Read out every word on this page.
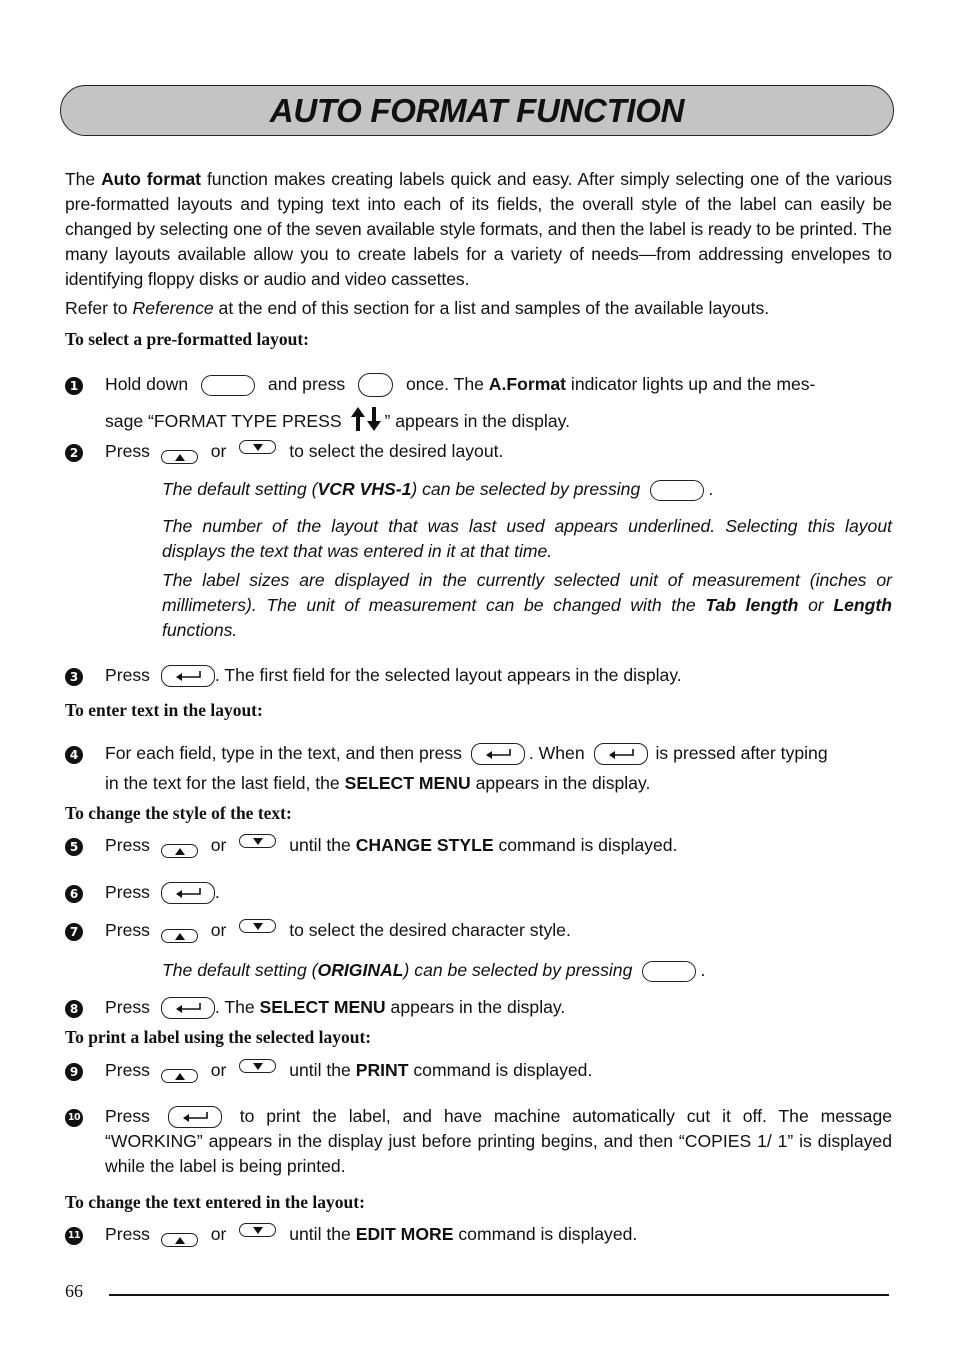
AUTO FORMAT FUNCTION
The Auto format function makes creating labels quick and easy. After simply selecting one of the various pre-formatted layouts and typing text into each of its fields, the overall style of the label can easily be changed by selecting one of the seven available style formats, and then the label is ready to be printed. The many layouts available allow you to create labels for a variety of needs—from addressing envelopes to identifying floppy disks or audio and video cassettes.
Refer to Reference at the end of this section for a list and samples of the available layouts.
To select a pre-formatted layout:
1 Hold down	and press	once. The A.Format indicator lights up and the mes-
sage “FORMAT TYPE PRESS ” appears in the display.
2 Press	or	to select the desired layout.
The default setting (VCR VHS-1) can be selected by pressing	.
The number of the layout that was last used appears underlined. Selecting this layout displays the text that was entered in it at that time.
The label sizes are displayed in the currently selected unit of measurement (inches or millimeters). The unit of measurement can be changed with the Tab length or Length functions.
3 Press	. The first field for the selected layout appears in the display.
To enter text in the layout:
4 For each field, type in the text, and then press	. When	is pressed after typing
in the text for the last field, the SELECT MENU appears in the display.
To change the style of the text:
5 Press	or	until the CHANGE STYLE command is displayed.
6 Press	.
7 Press	or	to select the desired character style.
The default setting (ORIGINAL) can be selected by pressing	.
8 Press	. The SELECT MENU appears in the display.
To print a label using the selected layout:
9 Press	or	until the PRINT command is displayed.
10 Press	to print the label, and have machine automatically cut it off. The message “WORKING” appears in the display just before printing begins, and then “COPIES 1/ 1” is displayed while the label is being printed.
To change the text entered in the layout:
11 Press	or	until the EDIT MORE command is displayed.
66
